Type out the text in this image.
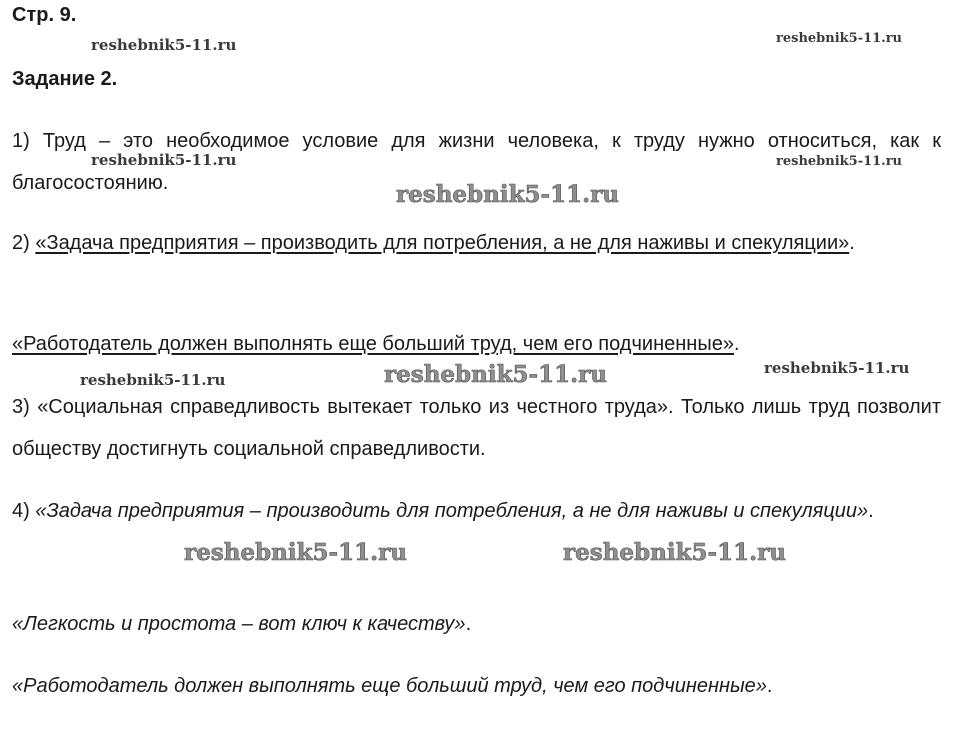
Стр. 9.
Задание 2.
1) Труд – это необходимое условие для жизни человека, к труду нужно относиться, как к благосостоянию.
2) «Задача предприятия – производить для потребления, а не для наживы и спекуляции».
«Работодатель должен выполнять еще больший труд, чем его подчиненные».
3) «Социальная справедливость вытекает только из честного труда». Только лишь труд позволит обществу достигнуть социальной справедливости.
4) «Задача предприятия – производить для потребления, а не для наживы и спекуляции».
«Легкость и простота – вот ключ к качеству».
«Работодатель должен выполнять еще больший труд, чем его подчиненные».
reshebnik5-11.ru	reshebnik5-11.ru
reshebnik5-11.ru	reshebnik5-11.ru
reshebnik5-11.ru
reshebnik5-11.ru	reshebnik5-11.ru	reshebnik5-11.ru
reshebnik5-11.ru	reshebnik5-11.ru
